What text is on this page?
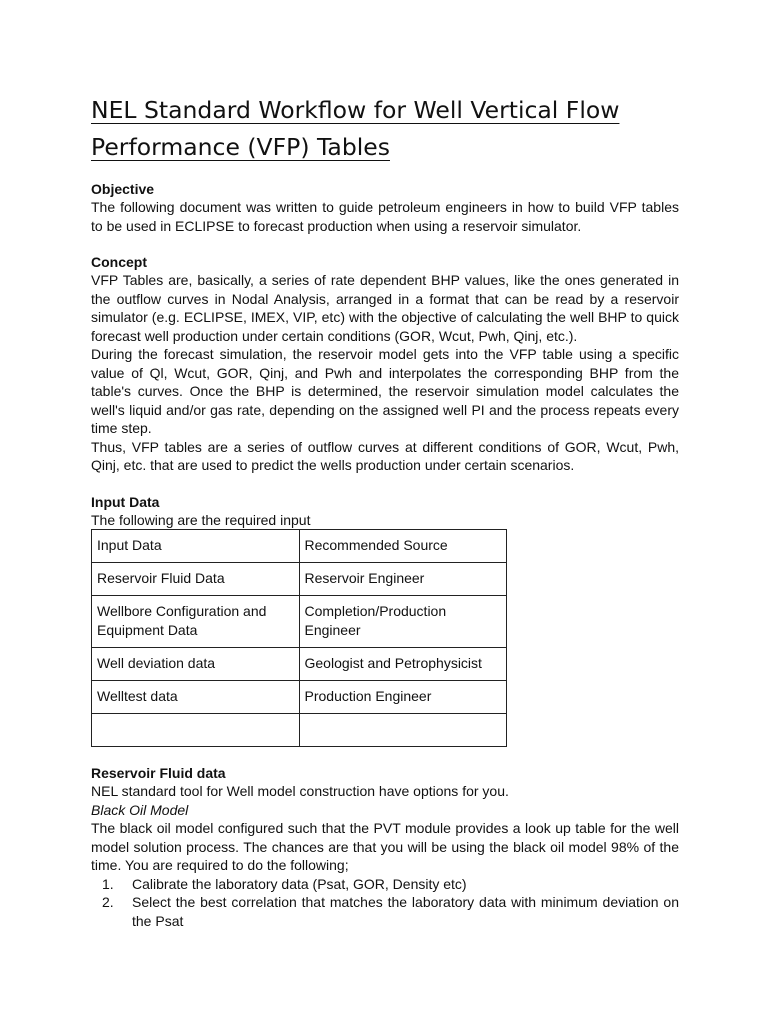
NEL Standard Workflow for Well Vertical Flow
Performance (VFP) Tables

Objective

The following document was written to guide petroleum engineers in how to build VFP tables to be used in ECLIPSE to forecast production when using a reservoir simulator.

Concept

VFP Tables are, basically, a series of rate dependent BHP values, like the ones generated in the outflow curves in Nodal Analysis, arranged in a format that can be read by a reservoir simulator (e.g. ECLIPSE, IMEX, VIP, etc) with the objective of calculating the well BHP to quick forecast well production under certain conditions (GOR, Wcut, Pwh, Qinj, etc.).

During the forecast simulation, the reservoir model gets into the VFP table using a specific value of Ql, Wcut, GOR, Qinj, and Pwh and interpolates the corresponding BHP from the table's curves. Once the BHP is determined, the reservoir simulation model calculates the well's liquid and/or gas rate, depending on the assigned well PI and the process repeats every time step.

Thus, VFP tables are a series of outflow curves at different conditions of GOR, Wcut, Pwh, Qinj, etc. that are used to predict the wells production under certain scenarios.

Input Data

The following are the required input

Input Data	Recommended Source
Reservoir Fluid Data	Reservoir Engineer
Wellbore Configuration and Equipment Data	Completion/Production Engineer
Well deviation data	Geologist and Petrophysicist
Welltest data	Production Engineer

Reservoir Fluid data

NEL standard tool for Well model construction have options for you.

Black Oil Model

The black oil model configured such that the PVT module provides a look up table for the well model solution process. The chances are that you will be using the black oil model 98% of the time. You are required to do the following;

1.	Calibrate the laboratory data (Psat, GOR, Density etc)
2.	Select the best correlation that matches the laboratory data with minimum deviation on the Psat
